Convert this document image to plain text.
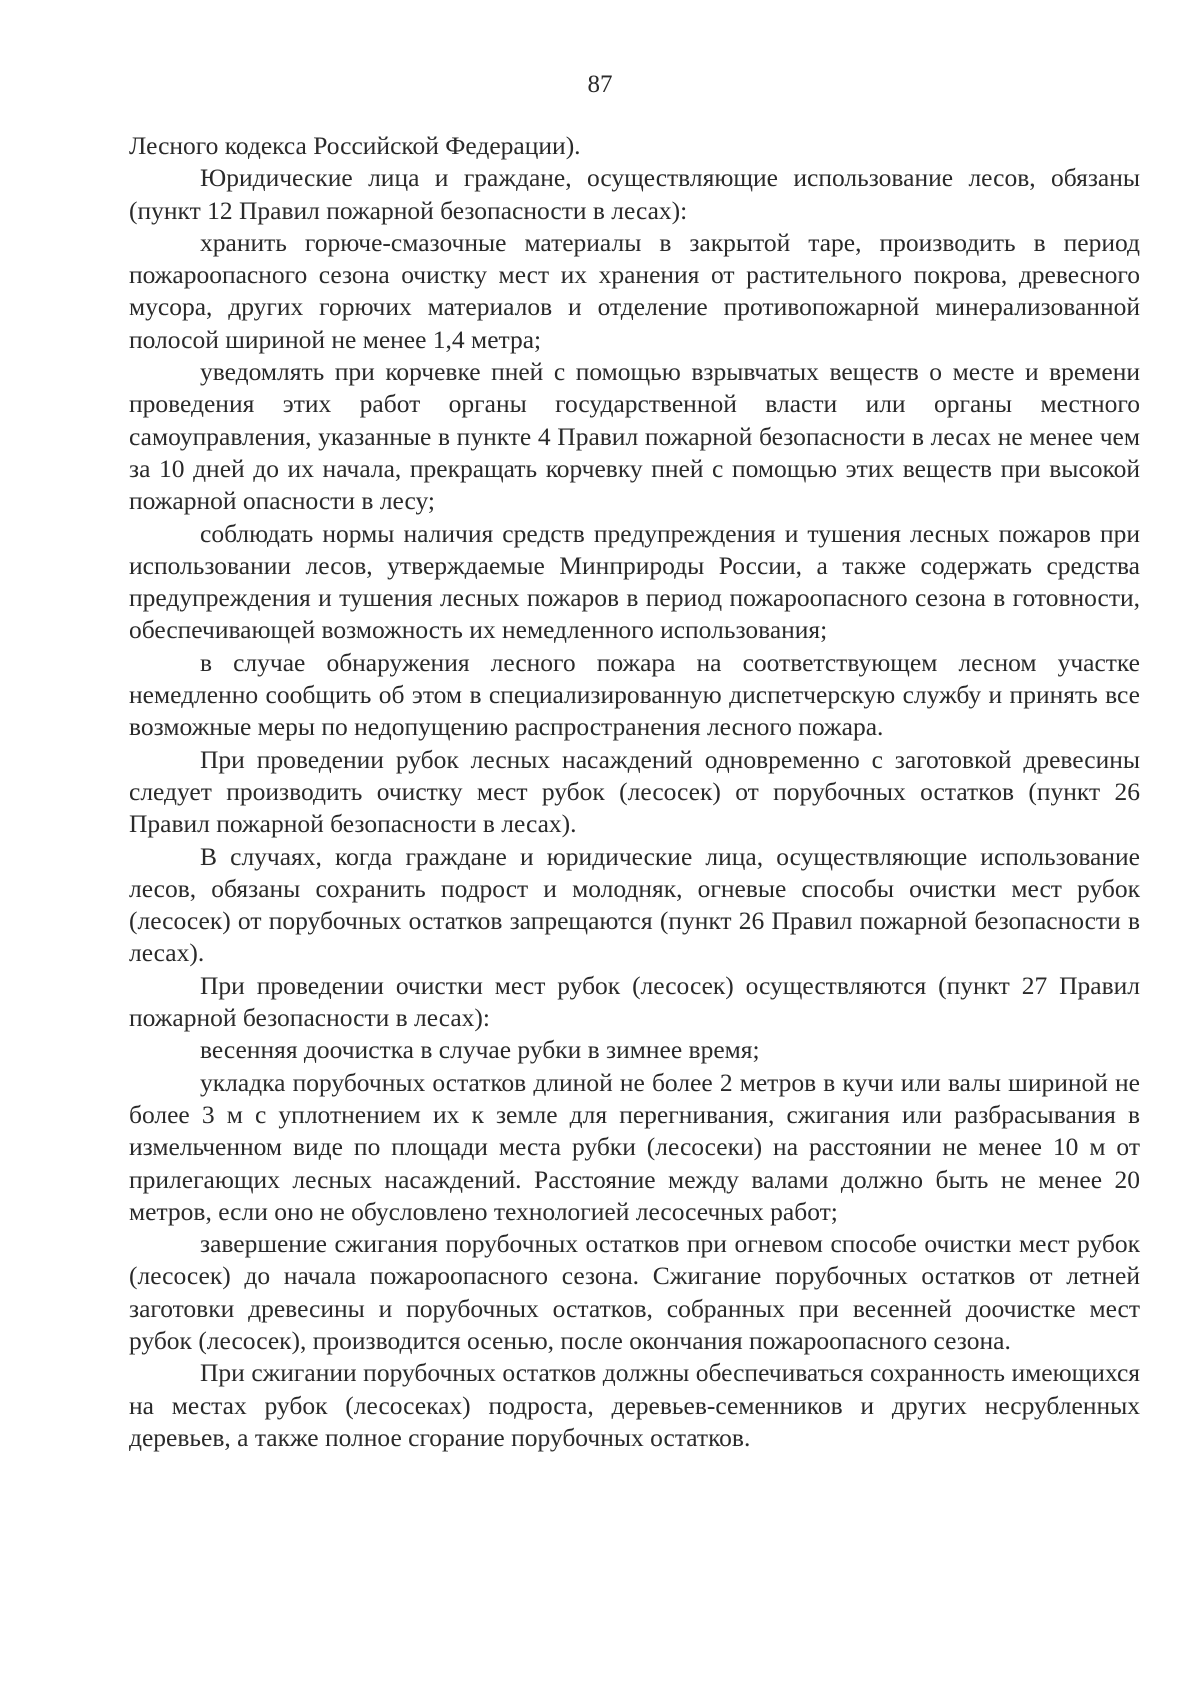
87

Лесного кодекса Российской Федерации).

Юридические лица и граждане, осуществляющие использование лесов, обязаны (пункт 12 Правил пожарной безопасности в лесах):

хранить горюче-смазочные материалы в закрытой таре, производить в период пожароопасного сезона очистку мест их хранения от растительного покрова, древесного мусора, других горючих материалов и отделение противопожарной минерализованной полосой шириной не менее 1,4 метра;

уведомлять при корчевке пней с помощью взрывчатых веществ о месте и времени проведения этих работ органы государственной власти или органы местного самоуправления, указанные в пункте 4 Правил пожарной безопасности в лесах не менее чем за 10 дней до их начала, прекращать корчевку пней с помощью этих веществ при высокой пожарной опасности в лесу;

соблюдать нормы наличия средств предупреждения и тушения лесных пожаров при использовании лесов, утверждаемые Минприроды России, а также содержать средства предупреждения и тушения лесных пожаров в период пожароопасного сезона в готовности, обеспечивающей возможность их немедленного использования;

в случае обнаружения лесного пожара на соответствующем лесном участке немедленно сообщить об этом в специализированную диспетчерскую службу и принять все возможные меры по недопущению распространения лесного пожара.

При проведении рубок лесных насаждений одновременно с заготовкой древесины следует производить очистку мест рубок (лесосек) от порубочных остатков (пункт 26 Правил пожарной безопасности в лесах).

В случаях, когда граждане и юридические лица, осуществляющие использование лесов, обязаны сохранить подрост и молодняк, огневые способы очистки мест рубок (лесосек) от порубочных остатков запрещаются (пункт 26 Правил пожарной безопасности в лесах).

При проведении очистки мест рубок (лесосек) осуществляются (пункт 27 Правил пожарной безопасности в лесах):

весенняя доочистка в случае рубки в зимнее время;

укладка порубочных остатков длиной не более 2 метров в кучи или валы шириной не более 3 м с уплотнением их к земле для перегнивания, сжигания или разбрасывания в измельченном виде по площади места рубки (лесосеки) на расстоянии не менее 10 м от прилегающих лесных насаждений. Расстояние между валами должно быть не менее 20 метров, если оно не обусловлено технологией лесосечных работ;

завершение сжигания порубочных остатков при огневом способе очистки мест рубок (лесосек) до начала пожароопасного сезона. Сжигание порубочных остатков от летней заготовки древесины и порубочных остатков, собранных при весенней доочистке мест рубок (лесосек), производится осенью, после окончания пожароопасного сезона.

При сжигании порубочных остатков должны обеспечиваться сохранность имеющихся на местах рубок (лесосеках) подроста, деревьев-семенников и других несрубленных деревьев, а также полное сгорание порубочных остатков.
